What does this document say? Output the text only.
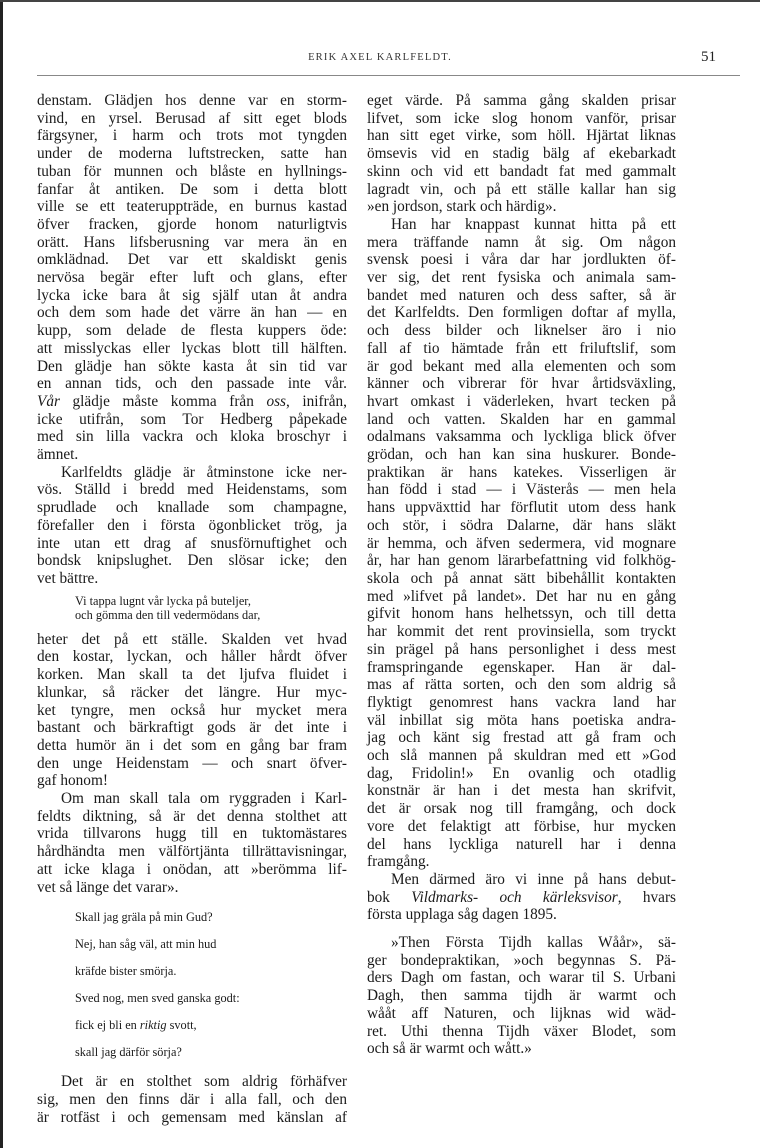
ERIK AXEL KARLFELDT.	51

denstam. Glädjen hos denne var en storm-

vind, en yrsel. Berusad af sitt eget blods

färgsyner, i harm och trots mot tyngden

under de moderna luftstrecken, satte han

tuban för munnen och blåste en hyllnings-

fanfar åt antiken. De som i detta blott

ville se ett teateruppträde, en burnus kastad

öfver fracken, gjorde honom naturligtvis

orätt. Hans lifsberusning var mera än en

omklädnad. Det var ett skaldiskt genis

nervösa begär efter luft och glans, efter

lycka icke bara åt sig själf utan åt andra

och dem som hade det värre än han — en

kupp, som delade de flesta kuppers öde:

att misslyckas eller lyckas blott till hälften.

Den glädje han sökte kasta åt sin tid var

en annan tids, och den passade inte vår.

Vår glädje måste komma från oss, inifrån,

icke utifrån, som Tor Hedberg påpekade

med sin lilla vackra och kloka broschyr i

ämnet.

Karlfeldts glädje är åtminstone icke ner-

vös. Ställd i bredd med Heidenstams, som

sprudlade och knallade som champagne,

förefaller den i första ögonblicket trög, ja

inte utan ett drag af snusförnuftighet och

bondsk knipslughet. Den slösar icke; den

vet bättre.

Vi tappa lugnt vår lycka på buteljer,

och gömma den till vedermödans dar,

heter det på ett ställe. Skalden vet hvad

den kostar, lyckan, och håller hårdt öfver

korken. Man skall ta det ljufva fluidet i

klunkar, så räcker det längre. Hur myc-

ket tyngre, men också hur mycket mera

bastant och bärkraftigt gods är det inte i

detta humör än i det som en gång bar fram

den unge Heidenstam — och snart öfver-

gaf honom!

Om man skall tala om ryggraden i Karl-

feldts diktning, så är det denna stolthet att

vrida tillvarons hugg till en tuktomästares

hårdhändta men välförtjänta tillrättavisningar,

att icke klaga i onödan, att »berömma lif-

vet så länge det varar».

Skall jag gräla på min Gud?

Nej, han såg väl, att min hud

kräfde bister smörja.

Sved nog, men sved ganska godt:

fick ej bli en riktig svott,

skall jag därför sörja?

Det är en stolthet som aldrig förhäfver

sig, men den finns där i alla fall, och den

är rotfäst i och gemensam med känslan af

eget värde. På samma gång skalden prisar

lifvet, som icke slog honom vanför, prisar

han sitt eget virke, som höll. Hjärtat liknas

ömsevis vid en stadig bälg af ekebarkadt

skinn och vid ett bandadt fat med gammalt

lagradt vin, och på ett ställe kallar han sig

»en jordson, stark och härdig».

Han har knappast kunnat hitta på ett

mera träffande namn åt sig. Om någon

svensk poesi i våra dar har jordlukten öf-

ver sig, det rent fysiska och animala sam-

bandet med naturen och dess safter, så är

det Karlfeldts. Den formligen doftar af mylla,

och dess bilder och liknelser äro i nio

fall af tio hämtade från ett friluftslif, som

är god bekant med alla elementen och som

känner och vibrerar för hvar årtidsväxling,

hvart omkast i väderleken, hvart tecken på

land och vatten. Skalden har en gammal

odalmans vaksamma och lyckliga blick öfver

grödan, och han kan sina huskurer. Bonde-

praktikan är hans katekes. Visserligen är

han född i stad — i Västerås — men hela

hans uppväxttid har förflutit utom dess hank

och stör, i södra Dalarne, där hans släkt

är hemma, och äfven sedermera, vid mognare

år, har han genom lärarbefattning vid folkhög-

skola och på annat sätt bibehållit kontakten

med »lifvet på landet». Det har nu en gång

gifvit honom hans helhetssyn, och till detta

har kommit det rent provinsiella, som tryckt

sin prägel på hans personlighet i dess mest

framspringande egenskaper. Han är dal-

mas af rätta sorten, och den som aldrig så

flyktigt genomrest hans vackra land har

väl inbillat sig möta hans poetiska andra-

jag och känt sig frestad att gå fram och

och slå mannen på skuldran med ett »God

dag, Fridolin!» En ovanlig och otadlig

konstnär är han i det mesta han skrifvit,

det är orsak nog till framgång, och dock

vore det felaktigt att förbise, hur mycken

del hans lyckliga naturell har i denna

framgång.

Men därmed äro vi inne på hans debut-

bok Vildmarks- och kärleksvisor, hvars

första upplaga såg dagen 1895.

»Then Första Tijdh kallas Wåår», sä-

ger bondepraktikan, »och begynnas S. Pä-

ders Dagh om fastan, och warar til S. Urbani

Dagh, then samma tijdh är warmt och

wååt aff Naturen, och lijknas wid wäd-

ret. Uthi thenna Tijdh växer Blodet, som

och så är warmt och wått.»
